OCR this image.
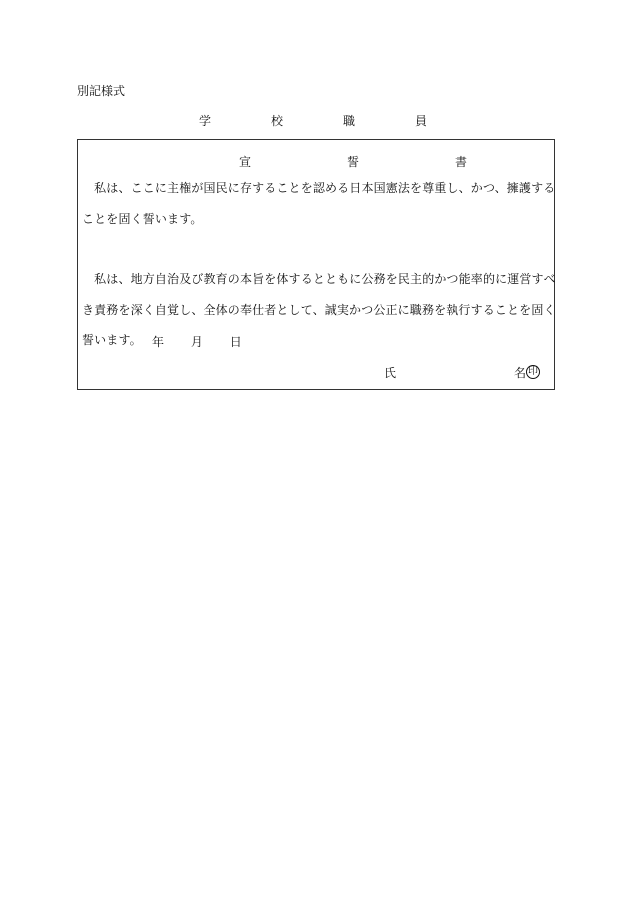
別記様式
学	校	職	員
宣	誓	書

　私は、ここに主権が国民に存することを認める日本国憲法を尊重し、かつ、擁護する
ことを固く誓います。

　私は、地方自治及び教育の本旨を体するとともに公務を民主的かつ能率的に運営すべ
き責務を深く自覚し、全体の奉仕者として、誠実かつ公正に職務を執行することを固く
誓います。 年 月 日
氏	名 印
